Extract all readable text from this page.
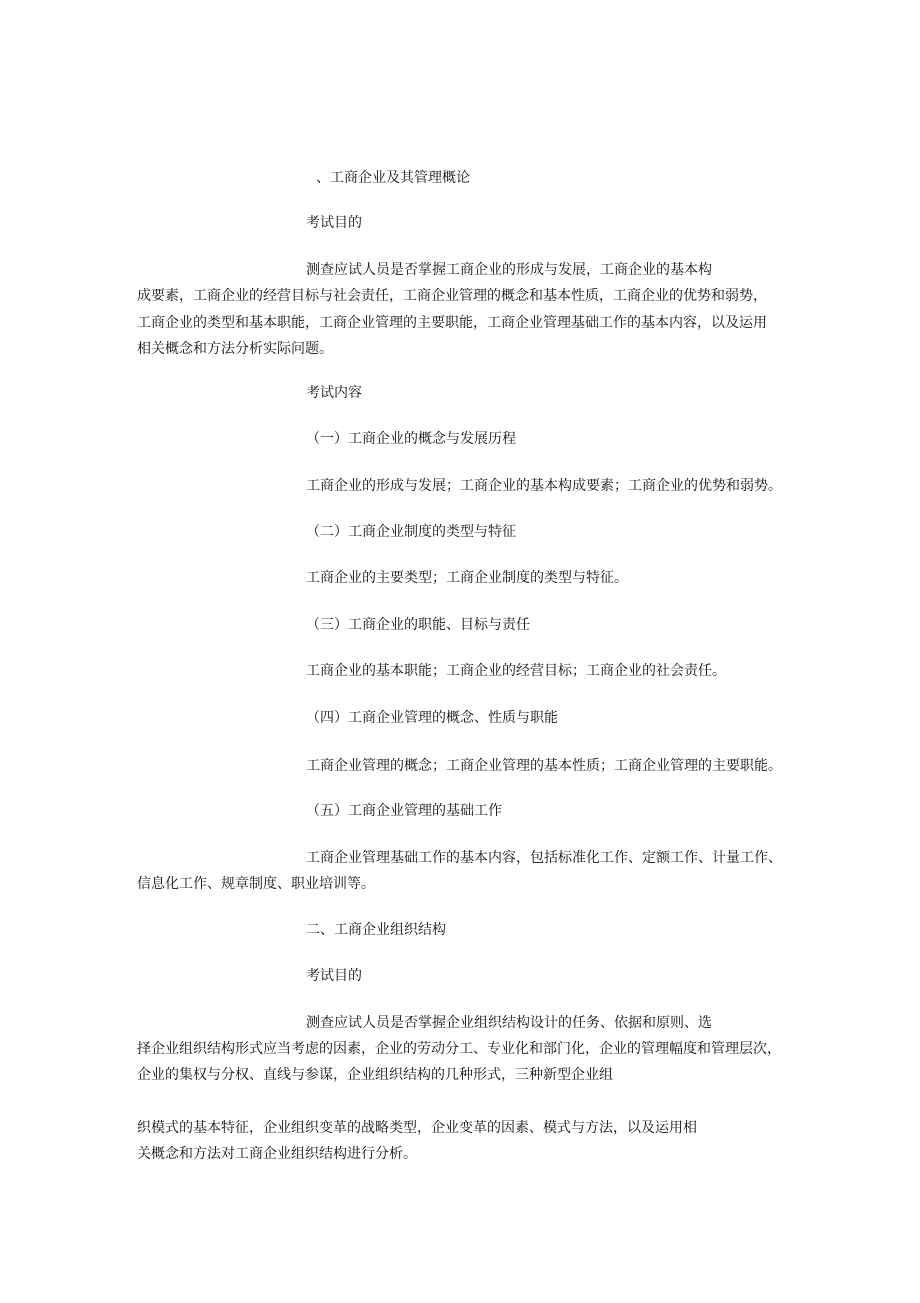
、工商企业及其管理概论
考试目的
测查应试人员是否掌握工商企业的形成与发展，工商企业的基本构
成要素，工商企业的经营目标与社会责任，工商企业管理的概念和基本性质，工商企业的优势和弱势，
工商企业的类型和基本职能，工商企业管理的主要职能，工商企业管理基础工作的基本内容，以及运用
相关概念和方法分析实际问题。
考试内容
（一）工商企业的概念与发展历程
工商企业的形成与发展；工商企业的基本构成要素；工商企业的优势和弱势。
（二）工商企业制度的类型与特征
工商企业的主要类型；工商企业制度的类型与特征。
（三）工商企业的职能、目标与责任
工商企业的基本职能；工商企业的经营目标；工商企业的社会责任。
（四）工商企业管理的概念、性质与职能
工商企业管理的概念；工商企业管理的基本性质；工商企业管理的主要职能。
（五）工商企业管理的基础工作
工商企业管理基础工作的基本内容，包括标准化工作、定额工作、计量工作、
信息化工作、规章制度、职业培训等。
二、工商企业组织结构
考试目的
测查应试人员是否掌握企业组织结构设计的任务、依据和原则、选
择企业组织结构形式应当考虑的因素，企业的劳动分工、专业化和部门化，企业的管理幅度和管理层次，
企业的集权与分权、直线与参谋，企业组织结构的几种形式，三种新型企业组
织模式的基本特征，企业组织变革的战略类型，企业变革的因素、模式与方法，以及运用相
关概念和方法对工商企业组织结构进行分析。
